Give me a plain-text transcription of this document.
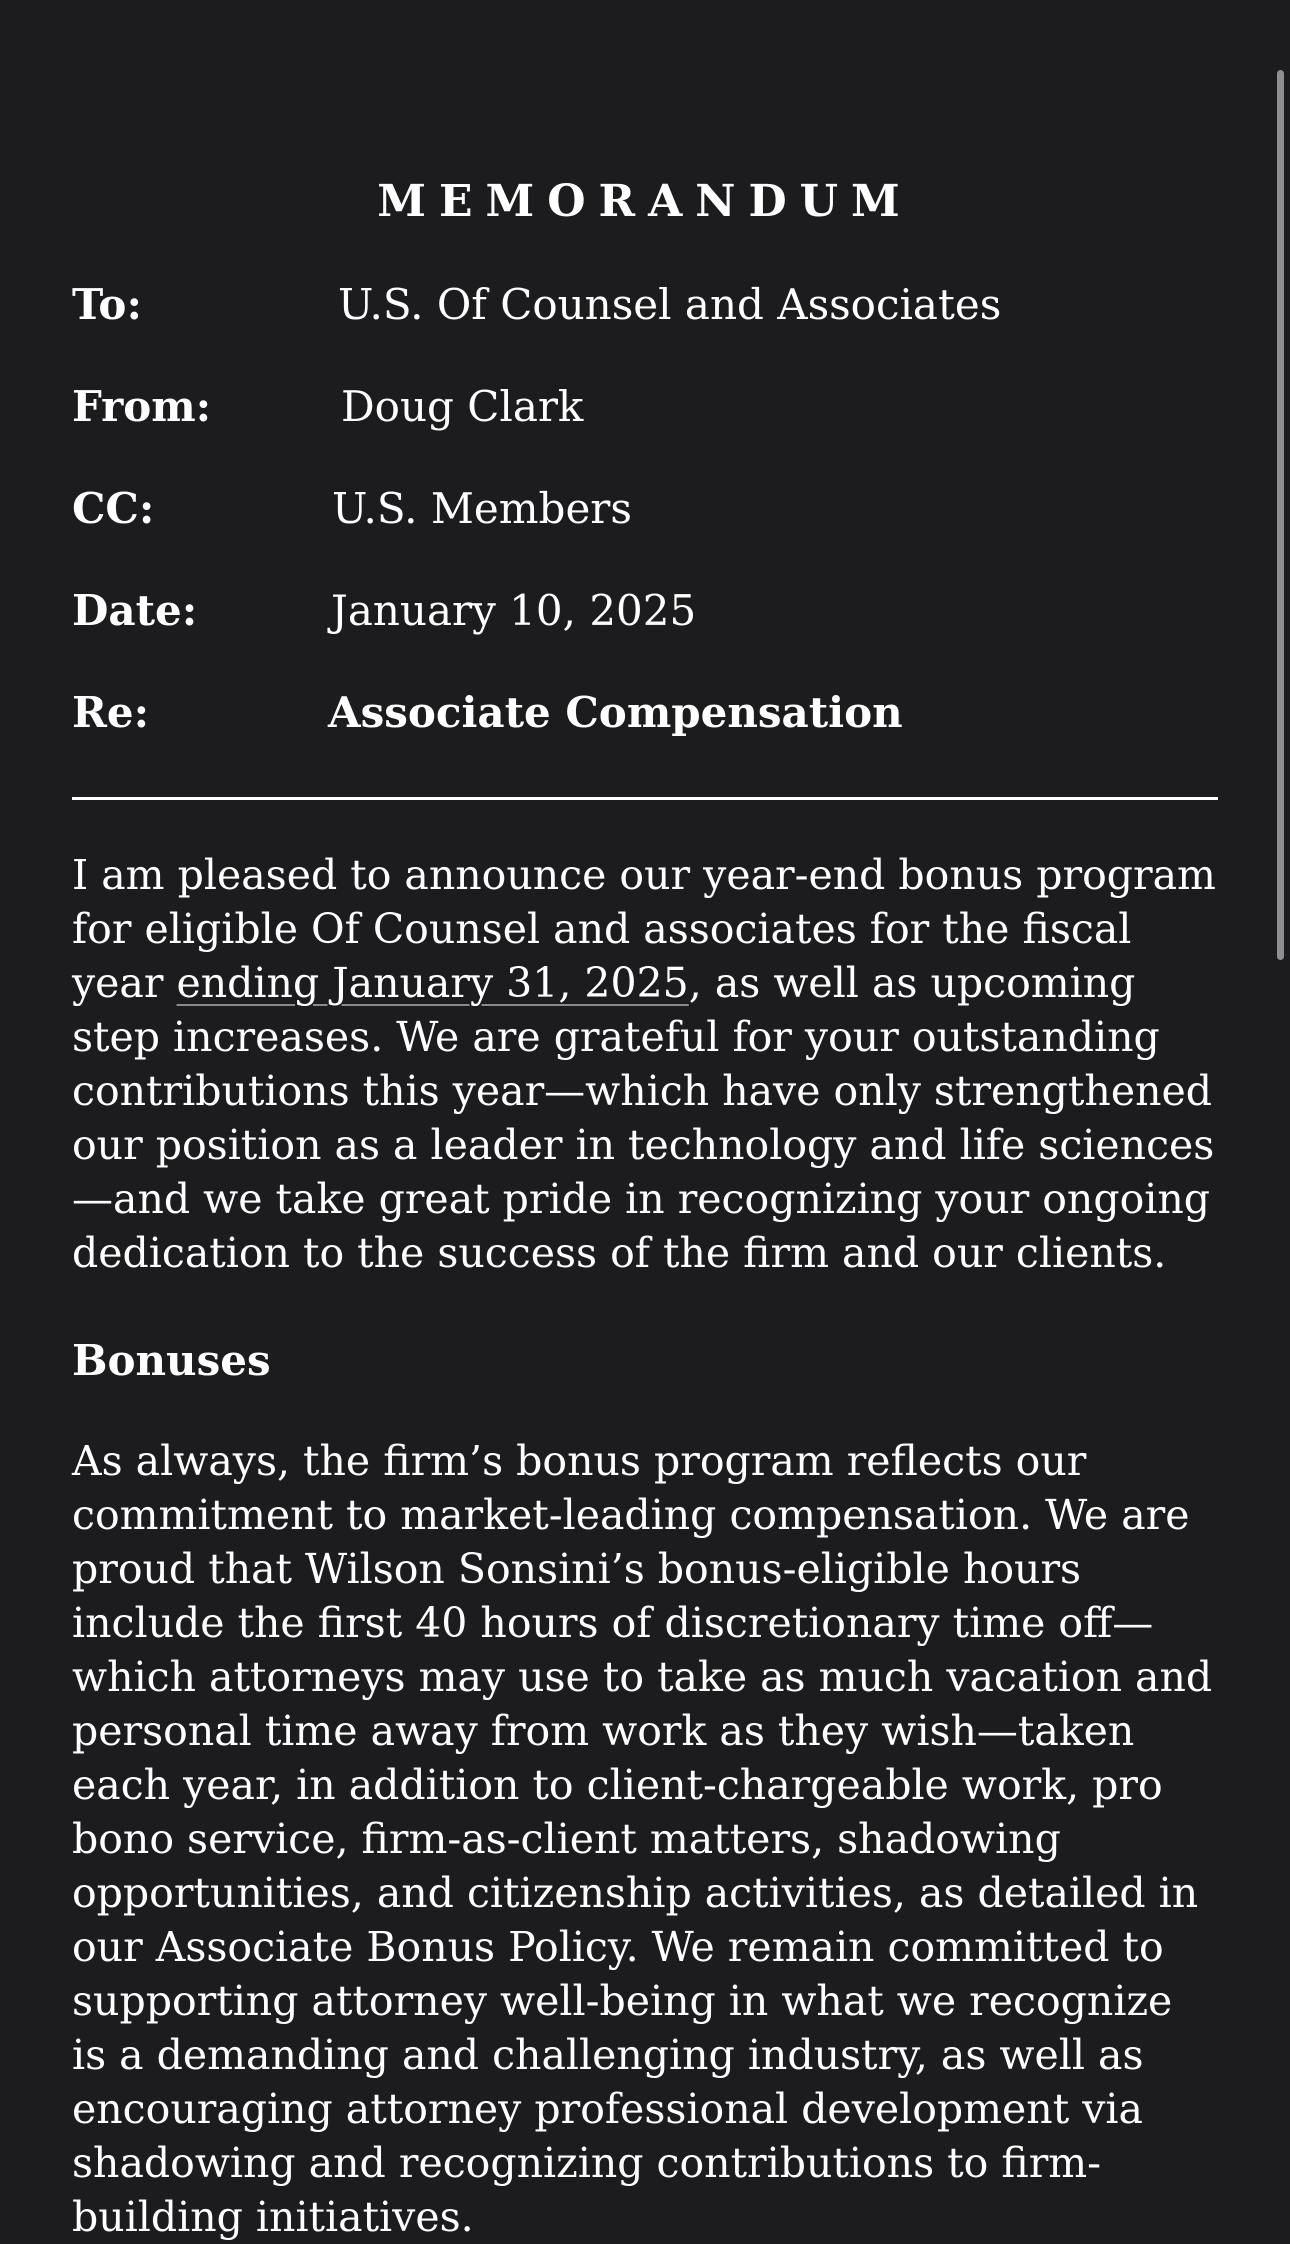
MEMORANDUM
To:	U.S. Of Counsel and Associates
From:	Doug Clark
CC:	U.S. Members
Date:	January 10, 2025
Re:	Associate Compensation

I am pleased to announce our year-end bonus program for eligible Of Counsel and associates for the fiscal year ending January 31, 2025, as well as upcoming step increases. We are grateful for your outstanding contributions this year—which have only strengthened our position as a leader in technology and life sciences—and we take great pride in recognizing your ongoing dedication to the success of the firm and our clients.

Bonuses

As always, the firm’s bonus program reflects our commitment to market-leading compensation. We are proud that Wilson Sonsini’s bonus-eligible hours include the first 40 hours of discretionary time off—which attorneys may use to take as much vacation and personal time away from work as they wish—taken each year, in addition to client-chargeable work, pro bono service, firm-as-client matters, shadowing opportunities, and citizenship activities, as detailed in our Associate Bonus Policy. We remain committed to supporting attorney well-being in what we recognize is a demanding and challenging industry, as well as encouraging attorney professional development via shadowing and recognizing contributions to firm-building initiatives.
